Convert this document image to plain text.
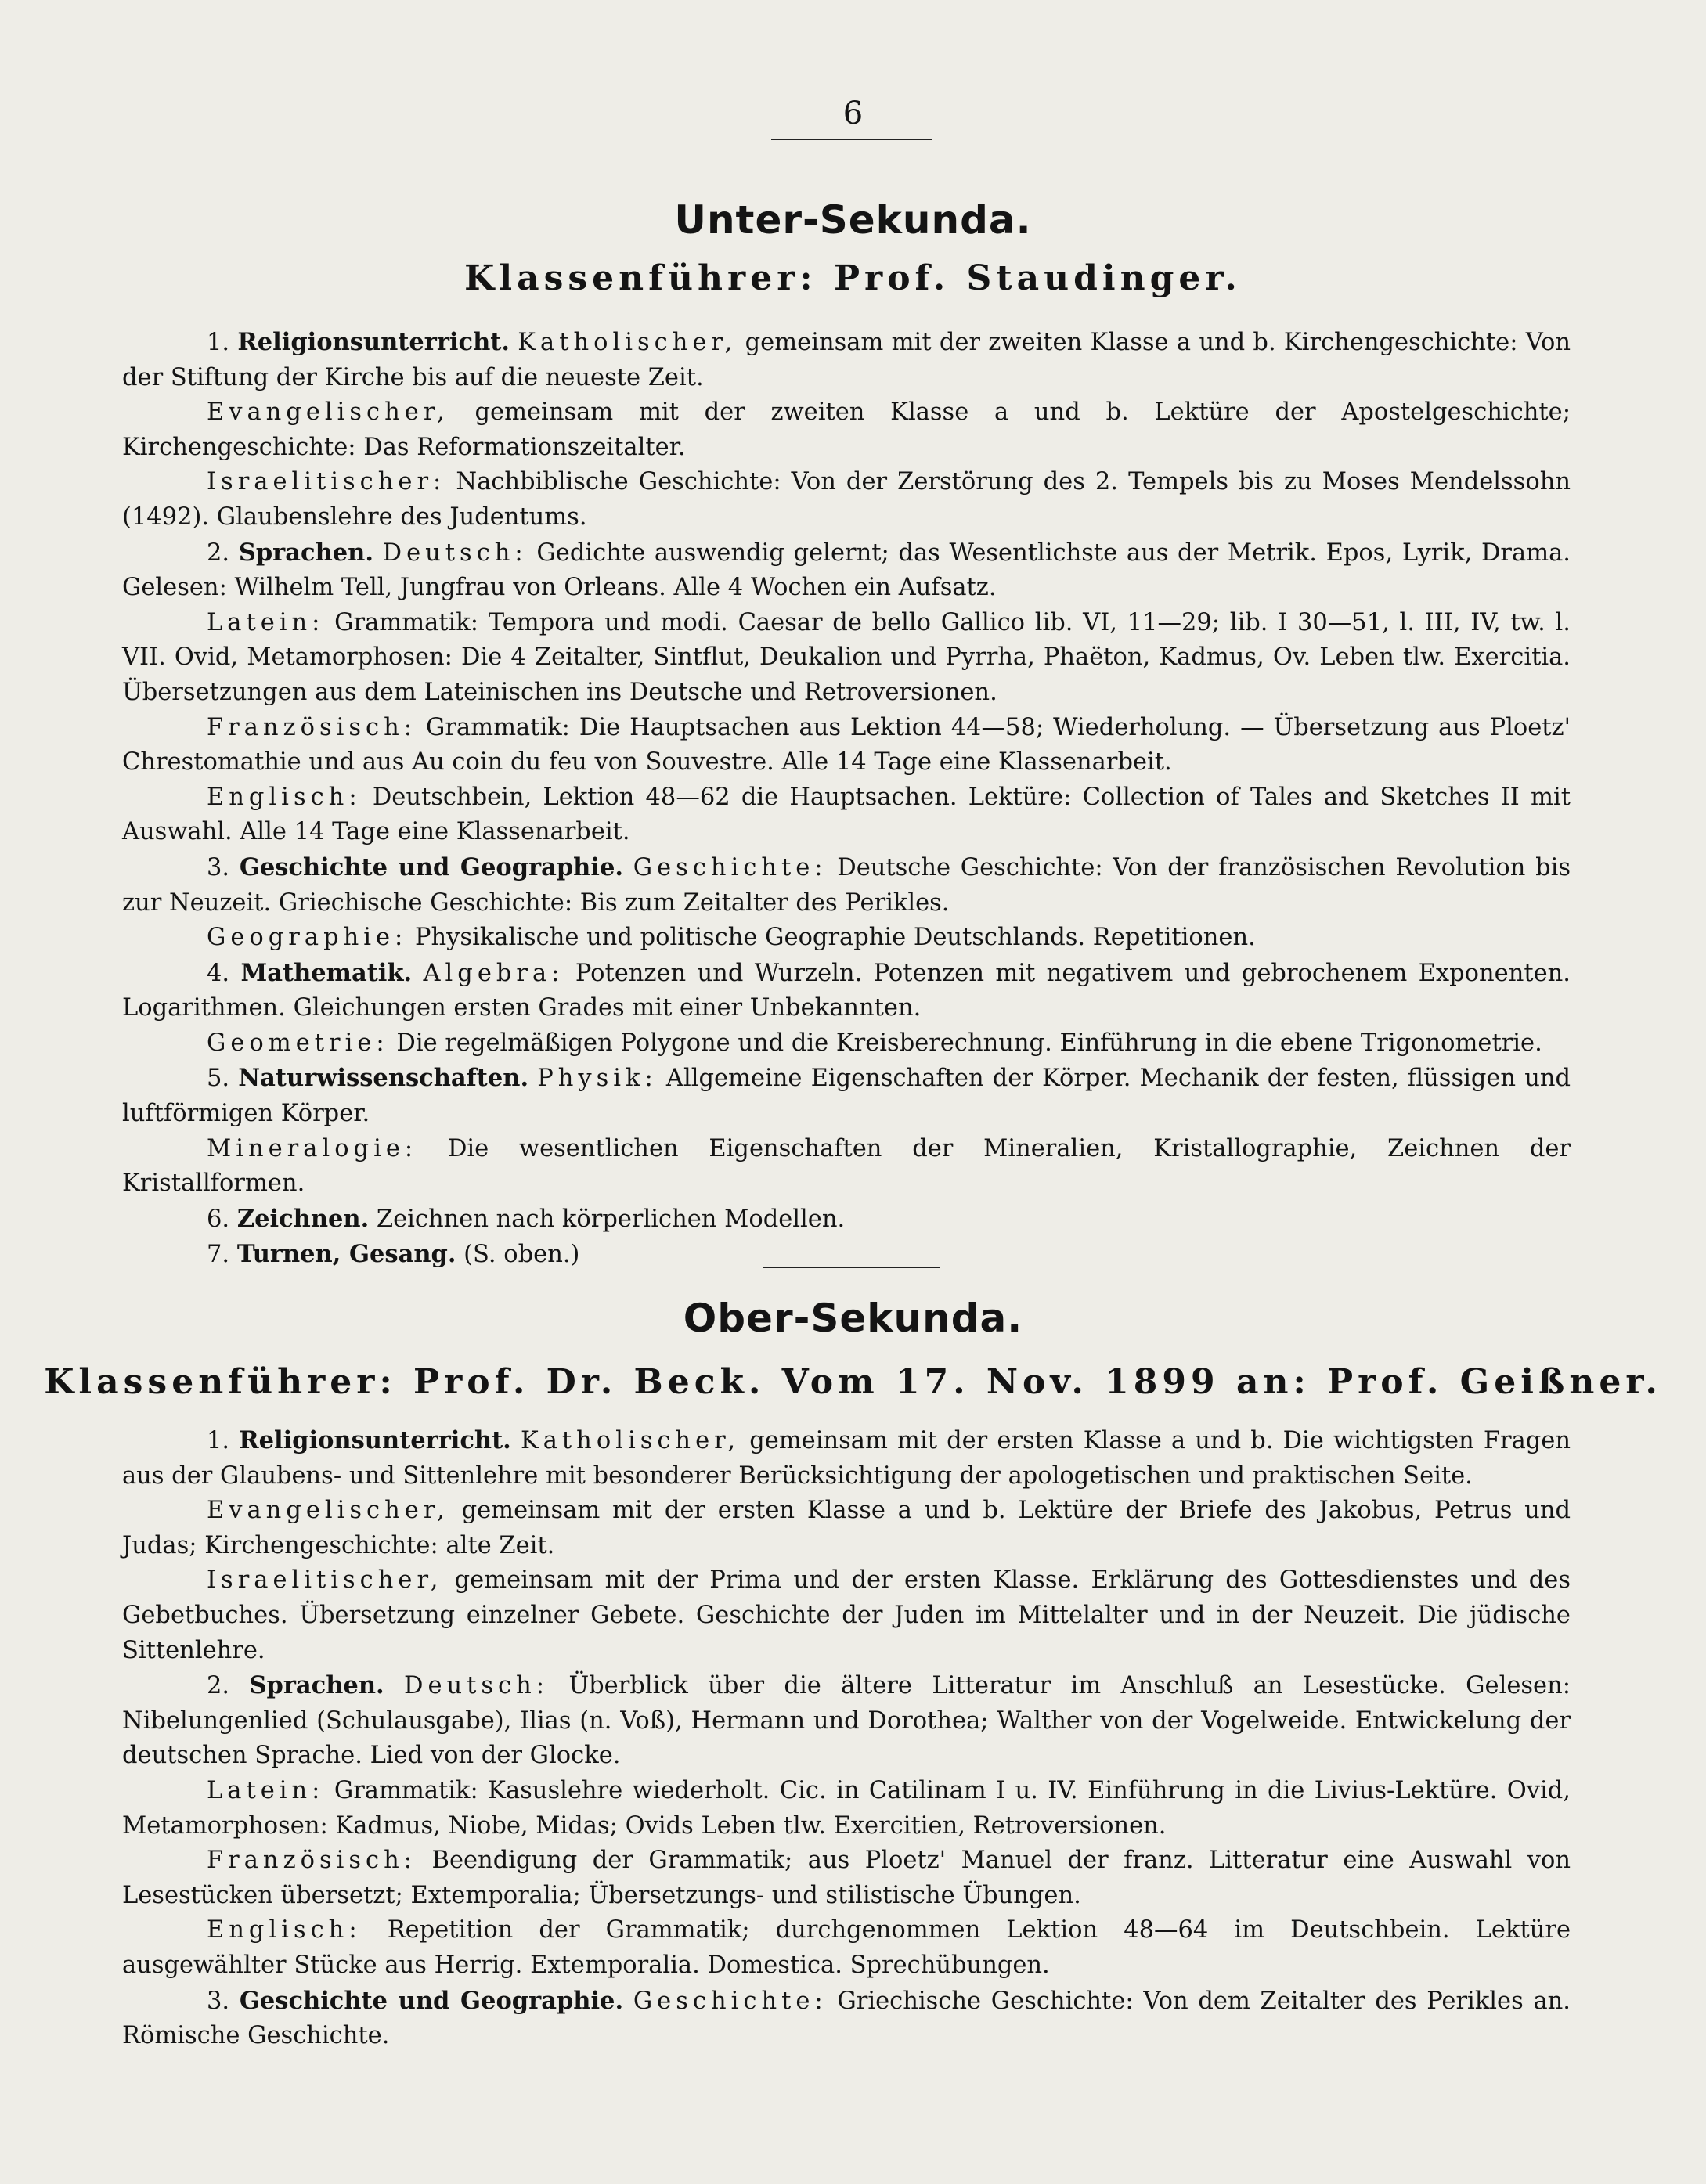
6
Unter-Sekunda.
Klassenführer: Prof. Staudinger.

1. Religionsunterricht. Katholischer, gemeinsam mit der zweiten Klasse a und b. Kirchengeschichte: Von der Stiftung der Kirche bis auf die neueste Zeit.

Evangelischer, gemeinsam mit der zweiten Klasse a und b. Lektüre der Apostelgeschichte; Kirchengeschichte: Das Reformationszeitalter.

Israelitischer: Nachbiblische Geschichte: Von der Zerstörung des 2. Tempels bis zu Moses Mendelssohn (1492). Glaubenslehre des Judentums.

2. Sprachen. Deutsch: Gedichte auswendig gelernt; das Wesentlichste aus der Metrik. Epos, Lyrik, Drama. Gelesen: Wilhelm Tell, Jungfrau von Orleans. Alle 4 Wochen ein Aufsatz.

Latein: Grammatik: Tempora und modi. Caesar de bello Gallico lib. VI, 11—29; lib. I 30—51, l. III, IV, tw. l. VII. Ovid, Metamorphosen: Die 4 Zeitalter, Sintflut, Deukalion und Pyrrha, Phaëton, Kadmus, Ov. Leben tlw. Exercitia. Übersetzungen aus dem Lateinischen ins Deutsche und Retroversionen.

Französisch: Grammatik: Die Hauptsachen aus Lektion 44—58; Wiederholung. — Übersetzung aus Ploetz' Chrestomathie und aus Au coin du feu von Souvestre. Alle 14 Tage eine Klassenarbeit.

Englisch: Deutschbein, Lektion 48—62 die Hauptsachen. Lektüre: Collection of Tales and Sketches II mit Auswahl. Alle 14 Tage eine Klassenarbeit.

3. Geschichte und Geographie. Geschichte: Deutsche Geschichte: Von der französischen Revolution bis zur Neuzeit. Griechische Geschichte: Bis zum Zeitalter des Perikles.

Geographie: Physikalische und politische Geographie Deutschlands. Repetitionen.

4. Mathematik. Algebra: Potenzen und Wurzeln. Potenzen mit negativem und gebrochenem Exponenten. Logarithmen. Gleichungen ersten Grades mit einer Unbekannten.

Geometrie: Die regelmäßigen Polygone und die Kreisberechnung. Einführung in die ebene Trigonometrie.

5. Naturwissenschaften. Physik: Allgemeine Eigenschaften der Körper. Mechanik der festen, flüssigen und luftförmigen Körper.

Mineralogie: Die wesentlichen Eigenschaften der Mineralien, Kristallographie, Zeichnen der Kristallformen.

6. Zeichnen. Zeichnen nach körperlichen Modellen.

7. Turnen, Gesang. (S. oben.)

Ober-Sekunda.
Klassenführer: Prof. Dr. Beck. Vom 17. Nov. 1899 an: Prof. Geißner.

1. Religionsunterricht. Katholischer, gemeinsam mit der ersten Klasse a und b. Die wichtigsten Fragen aus der Glaubens- und Sittenlehre mit besonderer Berücksichtigung der apologetischen und praktischen Seite.

Evangelischer, gemeinsam mit der ersten Klasse a und b. Lektüre der Briefe des Jakobus, Petrus und Judas; Kirchengeschichte: alte Zeit.

Israelitischer, gemeinsam mit der Prima und der ersten Klasse. Erklärung des Gottesdienstes und des Gebetbuches. Übersetzung einzelner Gebete. Geschichte der Juden im Mittelalter und in der Neuzeit. Die jüdische Sittenlehre.

2. Sprachen. Deutsch: Überblick über die ältere Litteratur im Anschluß an Lesestücke. Gelesen: Nibelungenlied (Schulausgabe), Ilias (n. Voß), Hermann und Dorothea; Walther von der Vogelweide. Entwickelung der deutschen Sprache. Lied von der Glocke.

Latein: Grammatik: Kasuslehre wiederholt. Cic. in Catilinam I u. IV. Einführung in die Livius-Lektüre. Ovid, Metamorphosen: Kadmus, Niobe, Midas; Ovids Leben tlw. Exercitien, Retroversionen.

Französisch: Beendigung der Grammatik; aus Ploetz' Manuel der franz. Litteratur eine Auswahl von Lesestücken übersetzt; Extemporalia; Übersetzungs- und stilistische Übungen.

Englisch: Repetition der Grammatik; durchgenommen Lektion 48—64 im Deutschbein. Lektüre ausgewählter Stücke aus Herrig. Extemporalia. Domestica. Sprechübungen.

3. Geschichte und Geographie. Geschichte: Griechische Geschichte: Von dem Zeitalter des Perikles an. Römische Geschichte.
